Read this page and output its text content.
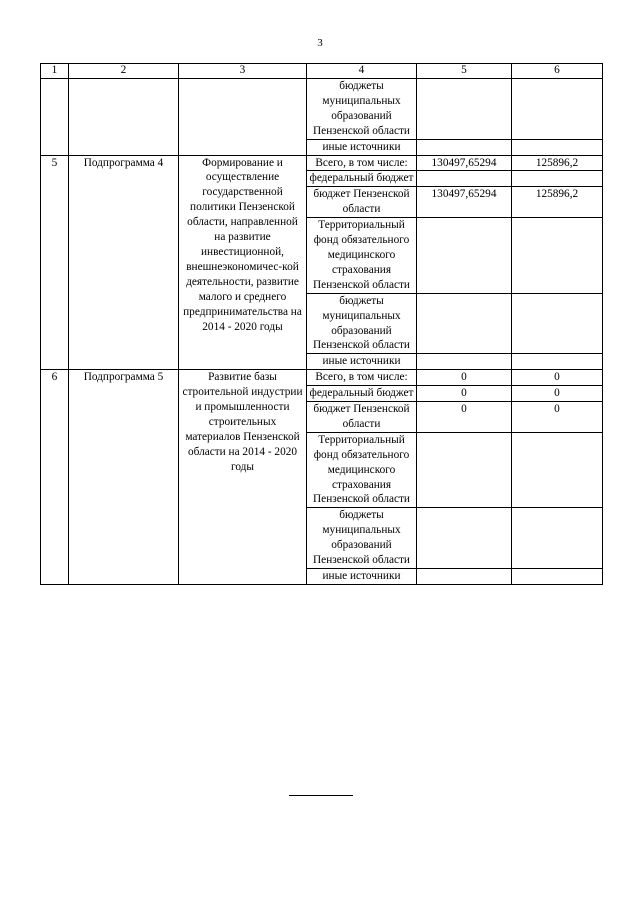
3
1	2	3	4	5	6
			бюджеты муниципальных образований Пензенской области		
			иные источники		
5	Подпрограмма 4	Формирование и осуществление государственной политики Пензенской области, направленной на развитие инвестиционной, внешнеэкономичес-кой деятельности, развитие малого и среднего предпринимательства на 2014 - 2020 годы	Всего, в том числе:	130497,65294	125896,2
			федеральный бюджет		
			бюджет Пензенской области	130497,65294	125896,2
			Территориальный фонд обязательного медицинского страхования Пензенской области		
			бюджеты муниципальных образований Пензенской области		
			иные источники		
6	Подпрограмма 5	Развитие базы строительной индустрии и промышленности строительных материалов Пензенской области на 2014 - 2020 годы	Всего, в том числе:	0	0
			федеральный бюджет	0	0
			бюджет Пензенской области	0	0
			Территориальный фонд обязательного медицинского страхования Пензенской области		
			бюджеты муниципальных образований Пензенской области		
			иные источники		
